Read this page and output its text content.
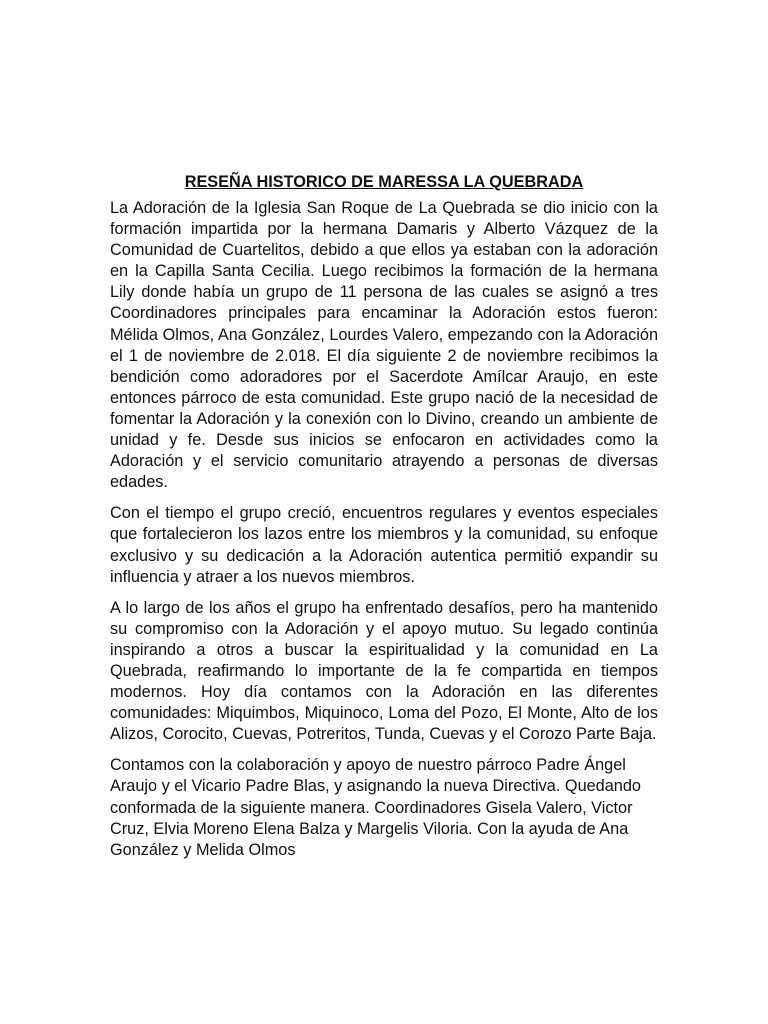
RESEÑA HISTORICO DE MARESSA LA QUEBRADA

La Adoración de la Iglesia San Roque de La Quebrada se dio inicio con la formación impartida por la hermana Damaris y Alberto Vázquez de la Comunidad de Cuartelitos, debido a que ellos ya estaban con la adoración en la Capilla Santa Cecilia. Luego recibimos la formación de la hermana Lily donde había un grupo de 11 persona de las cuales se asignó a tres Coordinadores principales para encaminar la Adoración estos fueron: Mélida Olmos, Ana González, Lourdes Valero, empezando con la Adoración el 1 de noviembre de 2.018. El día siguiente 2 de noviembre recibimos la bendición como adoradores por el Sacerdote Amílcar Araujo, en este entonces párroco de esta comunidad. Este grupo nació de la necesidad de fomentar la Adoración y la conexión con lo Divino, creando un ambiente de unidad y fe. Desde sus inicios se enfocaron en actividades como la Adoración y el servicio comunitario atrayendo a personas de diversas edades.

Con el tiempo el grupo creció, encuentros regulares y eventos especiales que fortalecieron los lazos entre los miembros y la comunidad, su enfoque exclusivo y su dedicación a la Adoración autentica permitió expandir su influencia y atraer a los nuevos miembros.

A lo largo de los años el grupo ha enfrentado desafíos, pero ha mantenido su compromiso con la Adoración y el apoyo mutuo. Su legado continúa inspirando a otros a buscar la espiritualidad y la comunidad en La Quebrada, reafirmando lo importante de la fe compartida en tiempos modernos. Hoy día contamos con la Adoración en las diferentes comunidades: Miquimbos, Miquinoco, Loma del Pozo, El Monte, Alto de los Alizos, Corocito, Cuevas, Potreritos, Tunda, Cuevas y el Corozo Parte Baja.

Contamos con la colaboración y apoyo de nuestro párroco Padre Ángel Araujo y el Vicario Padre Blas, y asignando la nueva Directiva. Quedando conformada de la siguiente manera. Coordinadores Gisela Valero, Victor Cruz, Elvia Moreno Elena Balza y Margelis Viloria. Con la ayuda de Ana González y Melida Olmos
